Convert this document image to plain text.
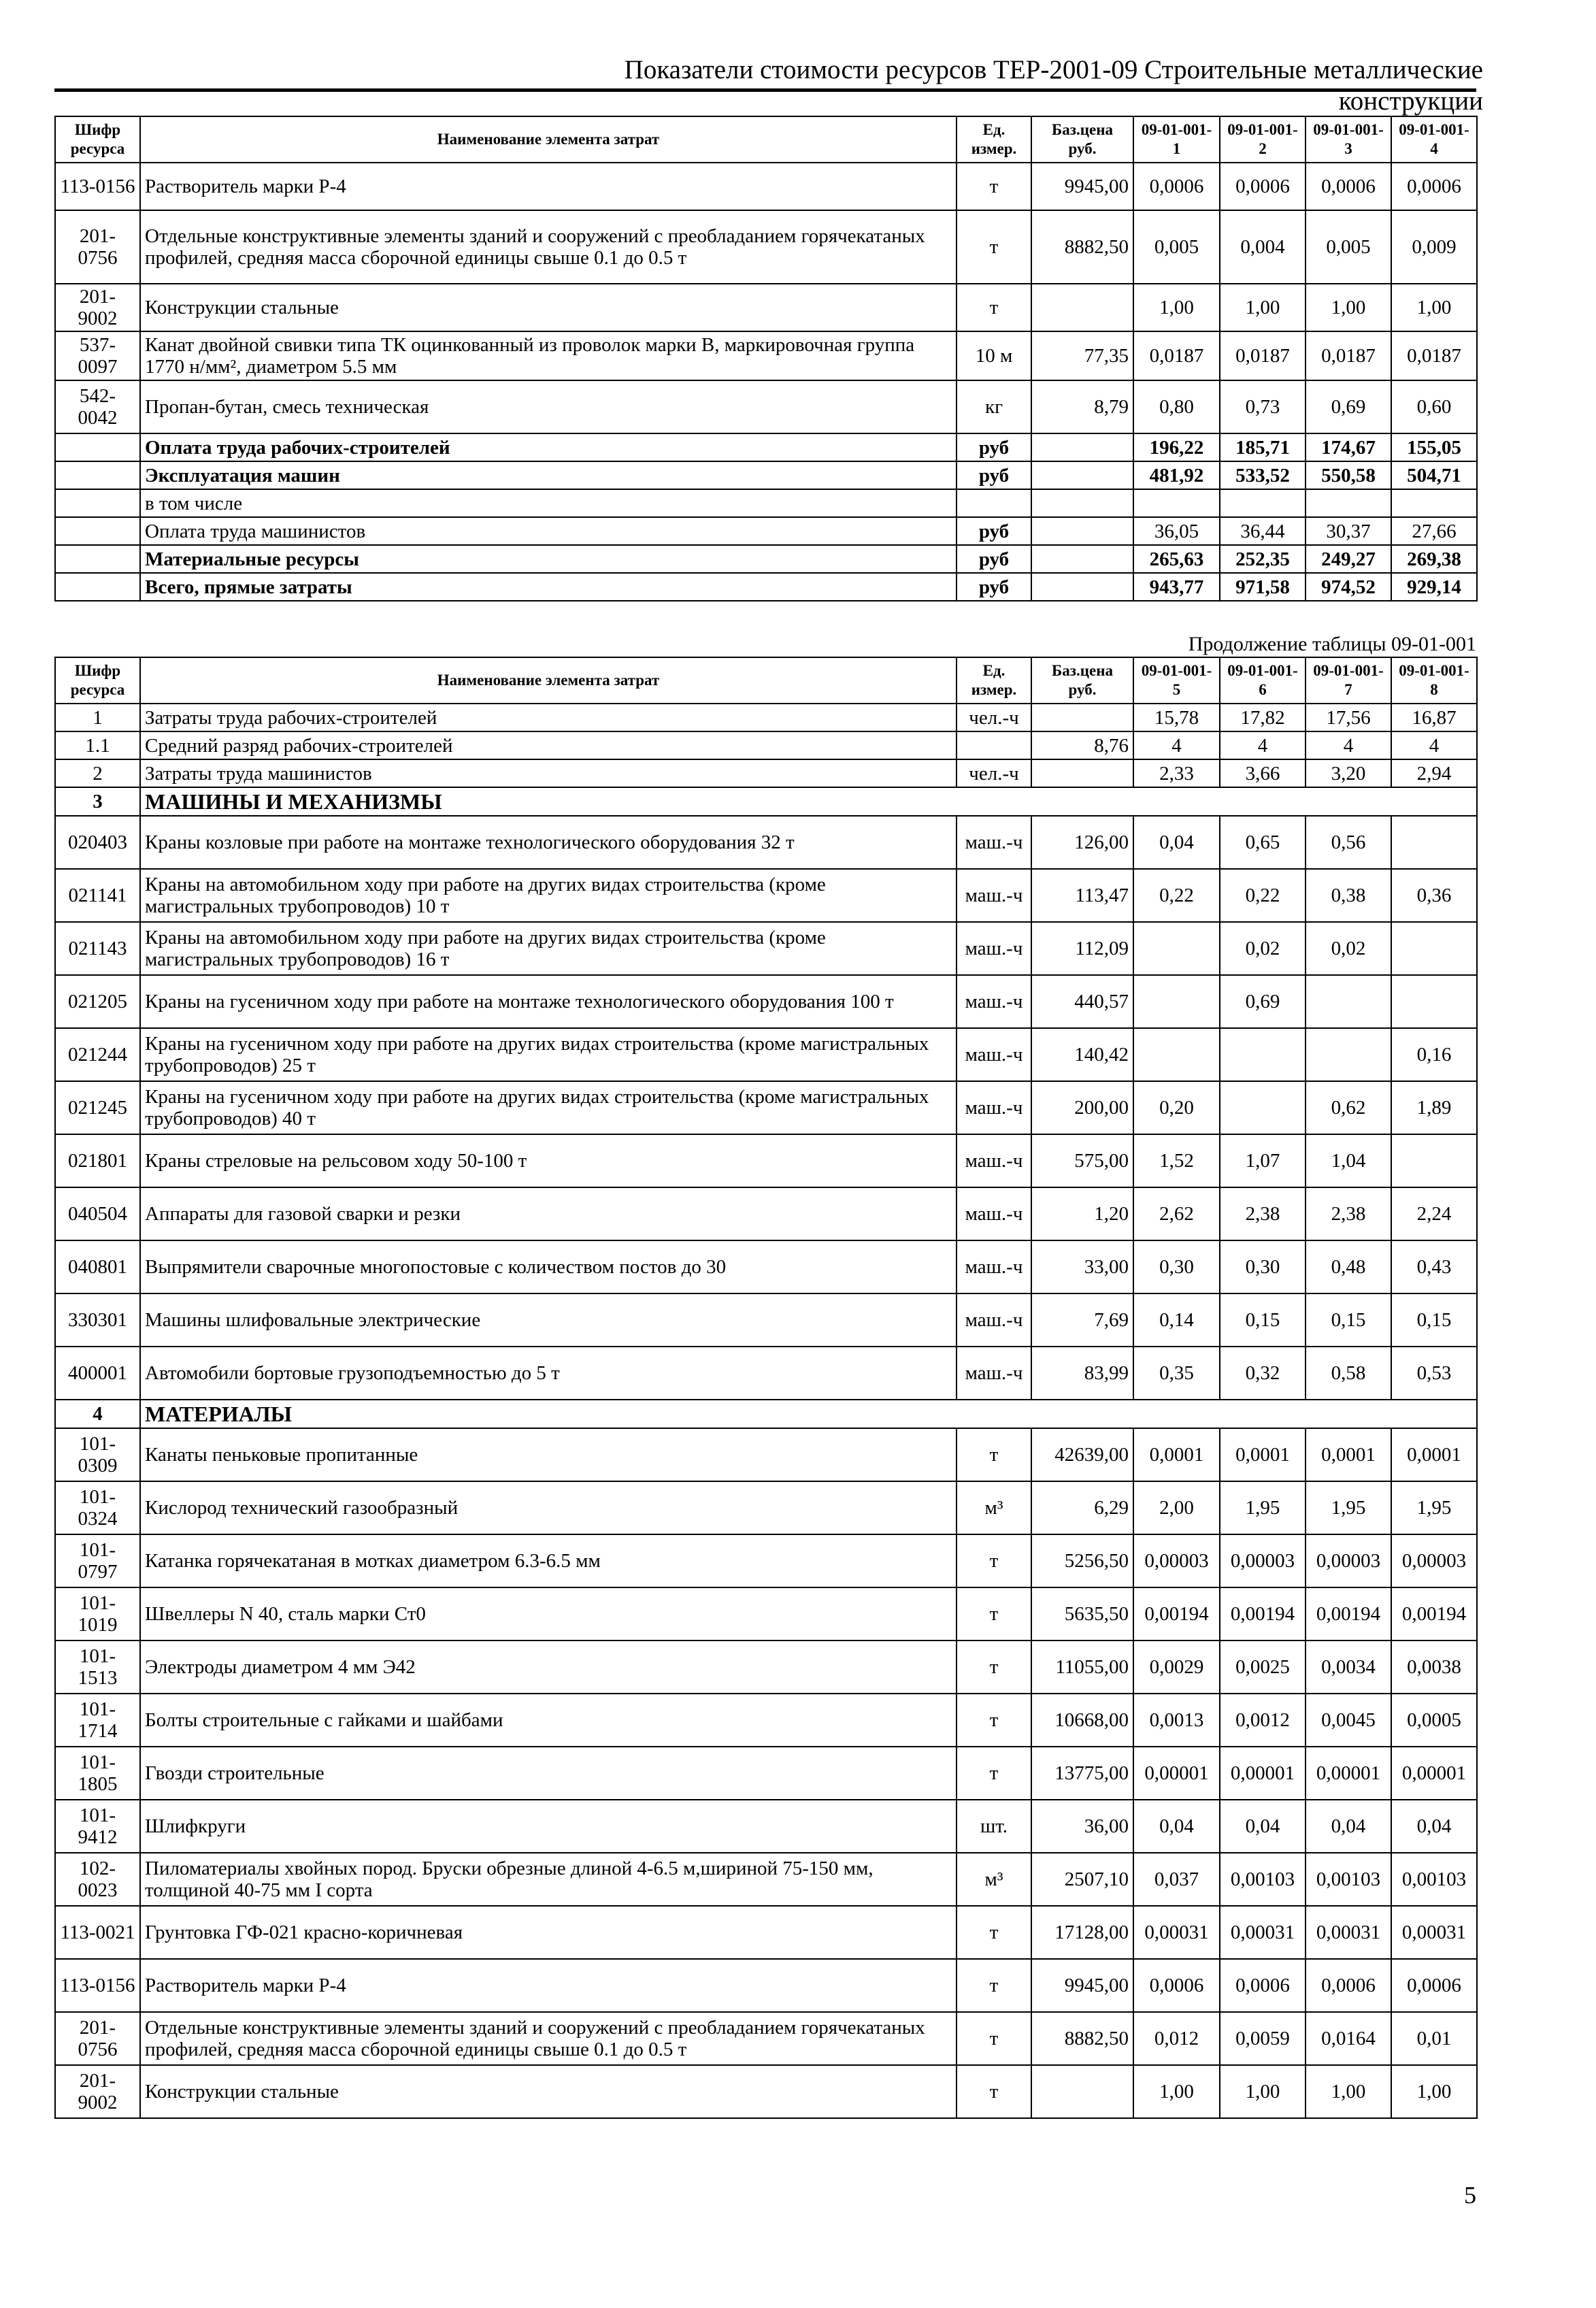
Показатели стоимости ресурсов ТЕР-2001-09 Строительные металлические конструкции
Шифр ресурса	Наименование элемента затрат	Ед. измер.	Баз.цена руб.	09-01-001-1	09-01-001-2	09-01-001-3	09-01-001-4
113-0156	Растворитель марки Р-4	т	9945,00	0,0006	0,0006	0,0006	0,0006
201-0756	Отдельные конструктивные элементы зданий и сооружений с преобладанием горячекатаных профилей, средняя масса сборочной единицы свыше 0.1 до 0.5 т	т	8882,50	0,005	0,004	0,005	0,009
201-9002	Конструкции стальные	т		1,00	1,00	1,00	1,00
537-0097	Канат двойной свивки типа ТК оцинкованный из проволок марки В, маркировочная группа 1770 н/мм², диаметром 5.5 мм	10 м	77,35	0,0187	0,0187	0,0187	0,0187
542-0042	Пропан-бутан, смесь техническая	кг	8,79	0,80	0,73	0,69	0,60
	Оплата труда рабочих-строителей	руб		196,22	185,71	174,67	155,05
	Эксплуатация машин	руб		481,92	533,52	550,58	504,71
	в том числе						
	Оплата труда машинистов	руб		36,05	36,44	30,37	27,66
	Материальные ресурсы	руб		265,63	252,35	249,27	269,38
	Всего, прямые затраты	руб		943,77	971,58	974,52	929,14
Продолжение таблицы 09-01-001
Шифр ресурса	Наименование элемента затрат	Ед. измер.	Баз.цена руб.	09-01-001-5	09-01-001-6	09-01-001-7	09-01-001-8
1	Затраты труда рабочих-строителей	чел.-ч		15,78	17,82	17,56	16,87
1.1	Средний разряд рабочих-строителей		8,76	4	4	4	4
2	Затраты труда машинистов	чел.-ч		2,33	3,66	3,20	2,94
3	МАШИНЫ И МЕХАНИЗМЫ						
020403	Краны козловые при работе на монтаже технологического оборудования 32 т	маш.-ч	126,00	0,04	0,65	0,56	
021141	Краны на автомобильном ходу при работе на других видах строительства (кроме магистральных трубопроводов) 10 т	маш.-ч	113,47	0,22	0,22	0,38	0,36
021143	Краны на автомобильном ходу при работе на других видах строительства (кроме магистральных трубопроводов) 16 т	маш.-ч	112,09		0,02	0,02	
021205	Краны на гусеничном ходу при работе на монтаже технологического оборудования 100 т	маш.-ч	440,57		0,69		
021244	Краны на гусеничном ходу при работе на других видах строительства (кроме магистральных трубопроводов) 25 т	маш.-ч	140,42				0,16
021245	Краны на гусеничном ходу при работе на других видах строительства (кроме магистральных трубопроводов) 40 т	маш.-ч	200,00	0,20		0,62	1,89
021801	Краны стреловые на рельсовом ходу 50-100 т	маш.-ч	575,00	1,52	1,07	1,04	
040504	Аппараты для газовой сварки и резки	маш.-ч	1,20	2,62	2,38	2,38	2,24
040801	Выпрямители сварочные многопостовые с количеством постов до 30	маш.-ч	33,00	0,30	0,30	0,48	0,43
330301	Машины шлифовальные электрические	маш.-ч	7,69	0,14	0,15	0,15	0,15
400001	Автомобили бортовые грузоподъемностью до 5 т	маш.-ч	83,99	0,35	0,32	0,58	0,53
4	МАТЕРИАЛЫ						
101-0309	Канаты пеньковые пропитанные	т	42639,00	0,0001	0,0001	0,0001	0,0001
101-0324	Кислород технический газообразный	м³	6,29	2,00	1,95	1,95	1,95
101-0797	Катанка горячекатаная в мотках диаметром 6.3-6.5 мм	т	5256,50	0,00003	0,00003	0,00003	0,00003
101-1019	Швеллеры N 40, сталь марки Ст0	т	5635,50	0,00194	0,00194	0,00194	0,00194
101-1513	Электроды диаметром 4 мм Э42	т	11055,00	0,0029	0,0025	0,0034	0,0038
101-1714	Болты строительные с гайками и шайбами	т	10668,00	0,0013	0,0012	0,0045	0,0005
101-1805	Гвозди строительные	т	13775,00	0,00001	0,00001	0,00001	0,00001
101-9412	Шлифкруги	шт.	36,00	0,04	0,04	0,04	0,04
102-0023	Пиломатериалы хвойных пород. Бруски обрезные длиной 4-6.5 м,шириной 75-150 мм, толщиной 40-75 мм I сорта	м³	2507,10	0,037	0,00103	0,00103	0,00103
113-0021	Грунтовка ГФ-021 красно-коричневая	т	17128,00	0,00031	0,00031	0,00031	0,00031
113-0156	Растворитель марки Р-4	т	9945,00	0,0006	0,0006	0,0006	0,0006
201-0756	Отдельные конструктивные элементы зданий и сооружений с преобладанием горячекатаных профилей, средняя масса сборочной единицы свыше 0.1 до 0.5 т	т	8882,50	0,012	0,0059	0,0164	0,01
201-9002	Конструкции стальные	т		1,00	1,00	1,00	1,00
5
